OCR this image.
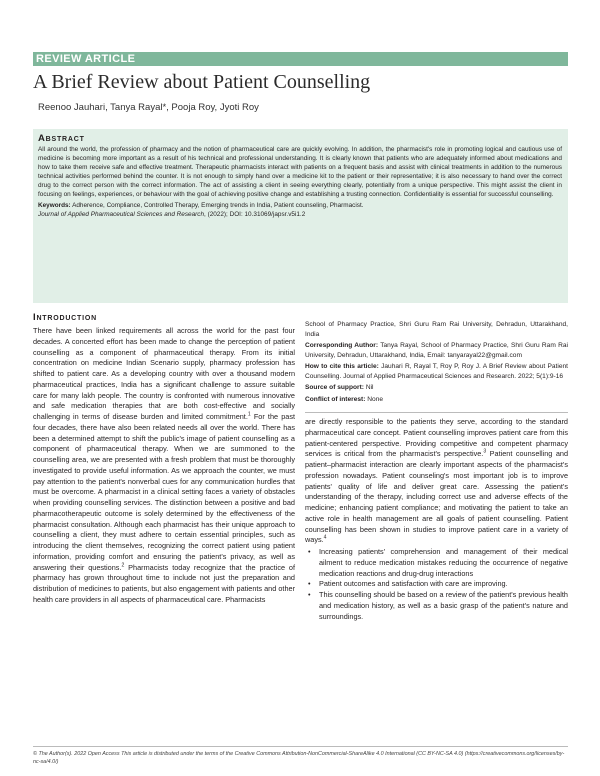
REVIEW ARTICLE
A Brief Review about Patient Counselling
Reenoo Jauhari, Tanya Rayal*, Pooja Roy, Jyoti Roy
Abstract

All around the world, the profession of pharmacy and the notion of pharmaceutical care are quickly evolving. In addition, the pharmacist's role in promoting logical and cautious use of medicine is becoming more important as a result of his technical and professional understanding. It is clearly known that patients who are adequately informed about medications and how to take them receive safe and effective treatment. Therapeutic pharmacists interact with patients on a frequent basis and assist with clinical treatments in addition to the numerous technical activities performed behind the counter. It is not enough to simply hand over a medicine kit to the patient or their representative; it is also necessary to hand over the correct drug to the correct person with the correct information. The act of assisting a client in seeing everything clearly, potentially from a unique perspective. This might assist the client in focusing on feelings, experiences, or behaviour with the goal of achieving positive change and establishing a trusting connection. Confidentiality is essential for successful counselling.

Keywords: Adherence, Compliance, Controlled Therapy, Emerging trends in India, Patient counseling, Pharmacist.

Journal of Applied Pharmaceutical Sciences and Research, (2022); DOI: 10.31069/japsr.v5i1.2

Introduction

There have been linked requirements all across the world for the past four decades. A concerted effort has been made to change the perception of patient counselling as a component of pharmaceutical therapy. From its initial concentration on medicine Indian Scenario supply, pharmacy profession has shifted to patient care. As a developing country with over a thousand modern pharmaceutical practices, India has a significant challenge to assure suitable care for many lakh people. The country is confronted with numerous innovative and safe medication therapies that are both cost-effective and socially challenging in terms of disease burden and limited commitment.$^1$ For the past four decades, there have also been related needs all over the world. There has been a determined attempt to shift the public's image of patient counselling as a component of pharmaceutical therapy. When we are summoned to the counselling area, we are presented with a fresh problem that must be thoroughly investigated to provide useful information. As we approach the counter, we must pay attention to the patient's nonverbal cues for any communication hurdles that must be overcome. A pharmacist in a clinical setting faces a variety of obstacles when providing counselling services. The distinction between a positive and bad pharmacotherapeutic outcome is solely determined by the effectiveness of the pharmacist consultation. Although each pharmacist has their unique approach to counselling a client, they must adhere to certain essential principles, such as introducing the client themselves, recognizing the correct patient using patient information, providing comfort and ensuring the patient's privacy, as well as answering their questions.$^2$ Pharmacists today recognize that the practice of pharmacy has grown throughout time to include not just the preparation and distribution of medicines to patients, but also engagement with patients and other health care providers in all aspects of pharmaceutical care. Pharmacists

School of Pharmacy Practice, Shri Guru Ram Rai University, Dehradun, Uttarakhand, India

Corresponding Author: Tanya Rayal, School of Pharmacy Practice, Shri Guru Ram Rai University, Dehradun, Uttarakhand, India, Email: tanyarayal22@gmail.com

How to cite this article: Jauhari R, Rayal T, Roy P, Roy J. A Brief Review about Patient Counselling. Journal of Applied Pharmaceutical Sciences and Research. 2022; 5(1):9-16

Source of support: Nil

Conflict of interest: None

are directly responsible to the patients they serve, according to the standard pharmaceutical care concept. Patient counselling improves patient care from this patient-centered perspective. Providing competitive and competent pharmacy services is critical from the pharmacist's perspective.$^3$ Patient counselling and patient–pharmacist interaction are clearly important aspects of the pharmacist's profession nowadays. Patient counseling's most important job is to improve patients' quality of life and deliver great care. Assessing the patient's understanding of the therapy, including correct use and adverse effects of the medicine; enhancing patient compliance; and motivating the patient to take an active role in health management are all goals of patient counselling. Patient counselling has been shown in studies to improve patient care in a variety of ways.$^4$

• Increasing patients' comprehension and management of their medical ailment to reduce medication mistakes reducing the occurrence of negative medication reactions and drug-drug interactions
• Patient outcomes and satisfaction with care are improving.
• This counselling should be based on a review of the patient's previous health and medication history, as well as a basic grasp of the patient's nature and surroundings.
© The Author(s). 2022 Open Access This article is distributed under the terms of the Creative Commons Attribution-NonCommercial-ShareAlike 4.0 International (CC BY-NC-SA 4.0) (https://creativecommons.org/licenses/by-nc-sa/4.0/)
